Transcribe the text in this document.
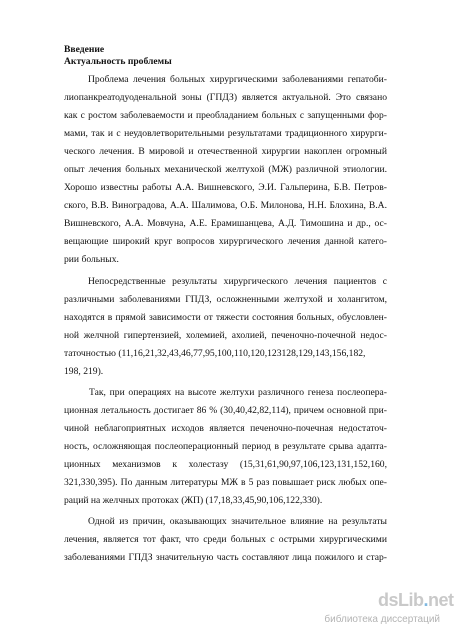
Введение
Актуальность проблемы
Проблема лечения больных хирургическими заболеваниями гепатоби-
лиопанкреатодуоденальной зоны (ГПДЗ) является актуальной. Это связано
как с ростом заболеваемости и преобладанием больных с запущенными фор-
мами, так и с неудовлетворительными результатами традиционного хирурги-
ческого лечения. В мировой и отечественной хирургии накоплен огромный
опыт лечения больных механической желтухой (МЖ) различной этиологии.
Хорошо известны работы А.А. Вишневского, Э.И. Гальперина, Б.В. Петров-
ского, В.В. Виноградова, А.А. Шалимова, О.Б. Милонова, Н.Н. Блохина, В.А.
Вишневского, А.А. Мовчуна, А.Е. Ерамишанцева, А.Д. Тимошина и др., ос-
вещающие широкий круг вопросов хирургического лечения данной катего-
рии больных.
Непосредственные результаты хирургического лечения пациентов с
различными заболеваниями ГПДЗ, осложненными желтухой и холангитом,
находятся в прямой зависимости от тяжести состояния больных, обусловлен-
ной желчной гипертензией, холемией, ахолией, печеночно-почечной недос-
таточностью (11,16,21,32,43,46,77,95,100,110,120,123128,129,143,156,182,
198, 219).
Так, при операциях на высоте желтухи различного генеза послеопера-
ционная летальность достигает 86 % (30,40,42,82,114), причем основной при-
чиной неблагоприятных исходов является печеночно-почечная недостаточ-
ность, осложняющая послеоперационный период в результате срыва адапта-
ционных механизмов к холестазу (15,31,61,90,97,106,123,131,152,160,
321,330,395). По данным литературы МЖ в 5 раз повышает риск любых опе-
раций на желчных протоках (ЖП) (17,18,33,45,90,106,122,330).
Одной из причин, оказывающих значительное влияние на результаты
лечения, является тот факт, что среди больных с острыми хирургическими
заболеваниями ГПДЗ значительную часть составляют лица пожилого и стар-
dsLib.net
библиотека диссертаций
